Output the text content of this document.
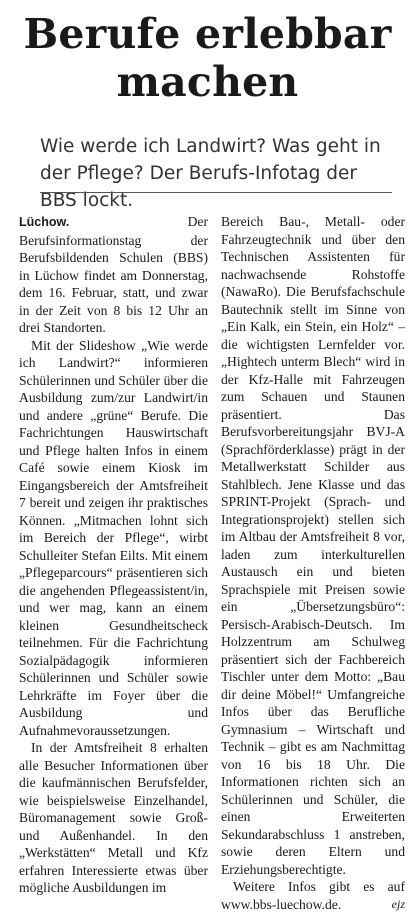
Berufe erlebbar machen
Wie werde ich Landwirt? Was geht in der Pflege? Der Berufs-Infotag der BBS lockt.

Lüchow.	Der Berufsinformationstag der Berufsbildenden Schulen (BBS) in Lüchow findet am Donnerstag, dem 16. Februar, statt, und zwar in der Zeit von 8 bis 12 Uhr an drei Standorten.

Mit der Slideshow „Wie werde ich Landwirt?“ informieren Schülerinnen und Schüler über die Ausbildung zum/zur Landwirt/in und andere „grüne“ Berufe. Die Fachrichtungen Hauswirtschaft und Pflege halten Infos in einem Café sowie einem Kiosk im Eingangsbereich der Amtsfreiheit 7 bereit und zeigen ihr praktisches Können. „Mitmachen lohnt sich im Bereich der Pflege“, wirbt Schulleiter Stefan Eilts. Mit einem „Pflegeparcours“ präsentieren sich die angehenden Pflegeassistent/in, und wer mag, kann an einem kleinen Gesundheitscheck teilnehmen. Für die Fachrichtung Sozialpädagogik informieren Schülerinnen und Schüler sowie Lehrkräfte im Foyer über die Ausbildung und Aufnahmevoraussetzungen.

In der Amtsfreiheit 8 erhalten alle Besucher Informationen über die kaufmännischen Berufsfelder, wie beispielsweise Einzelhandel, Büromanagement sowie Groß- und Außenhandel. In den „Werkstätten“ Metall und Kfz erfahren Interessierte etwas über mögliche Ausbildungen im

Bereich Bau-, Metall- oder Fahrzeugtechnik und über den Technischen Assistenten für nachwachsende Rohstoffe (NawaRo). Die Berufsfachschule Bautechnik stellt im Sinne von „Ein Kalk, ein Stein, ein Holz“ – die wichtigsten Lernfelder vor. „Hightech unterm Blech“ wird in der Kfz-Halle mit Fahrzeugen zum Schauen und Staunen präsentiert. Das Berufsvorbereitungsjahr BVJ-A (Sprachförderklasse) prägt in der Metallwerkstatt Schilder aus Stahlblech. Jene Klasse und das SPRINT-Projekt (Sprach- und Integrationsprojekt) stellen sich im Altbau der Amtsfreiheit 8 vor, laden zum interkulturellen Austausch ein und bieten Sprachspiele mit Preisen sowie ein „Übersetzungsbüro“: Persisch-Arabisch-Deutsch. Im Holzzentrum am Schulweg präsentiert sich der Fachbereich Tischler unter dem Motto: „Bau dir deine Möbel!“ Umfangreiche Infos über das Berufliche Gymnasium – Wirtschaft und Technik – gibt es am Nachmittag von 16 bis 18 Uhr. Die Informationen richten sich an Schülerinnen und Schüler, die einen Erweiterten Sekundarabschluss 1 anstreben, sowie deren Eltern und Erziehungsberechtigte.

Weitere Infos gibt es auf www.bbs-luechow.de.	ejz
